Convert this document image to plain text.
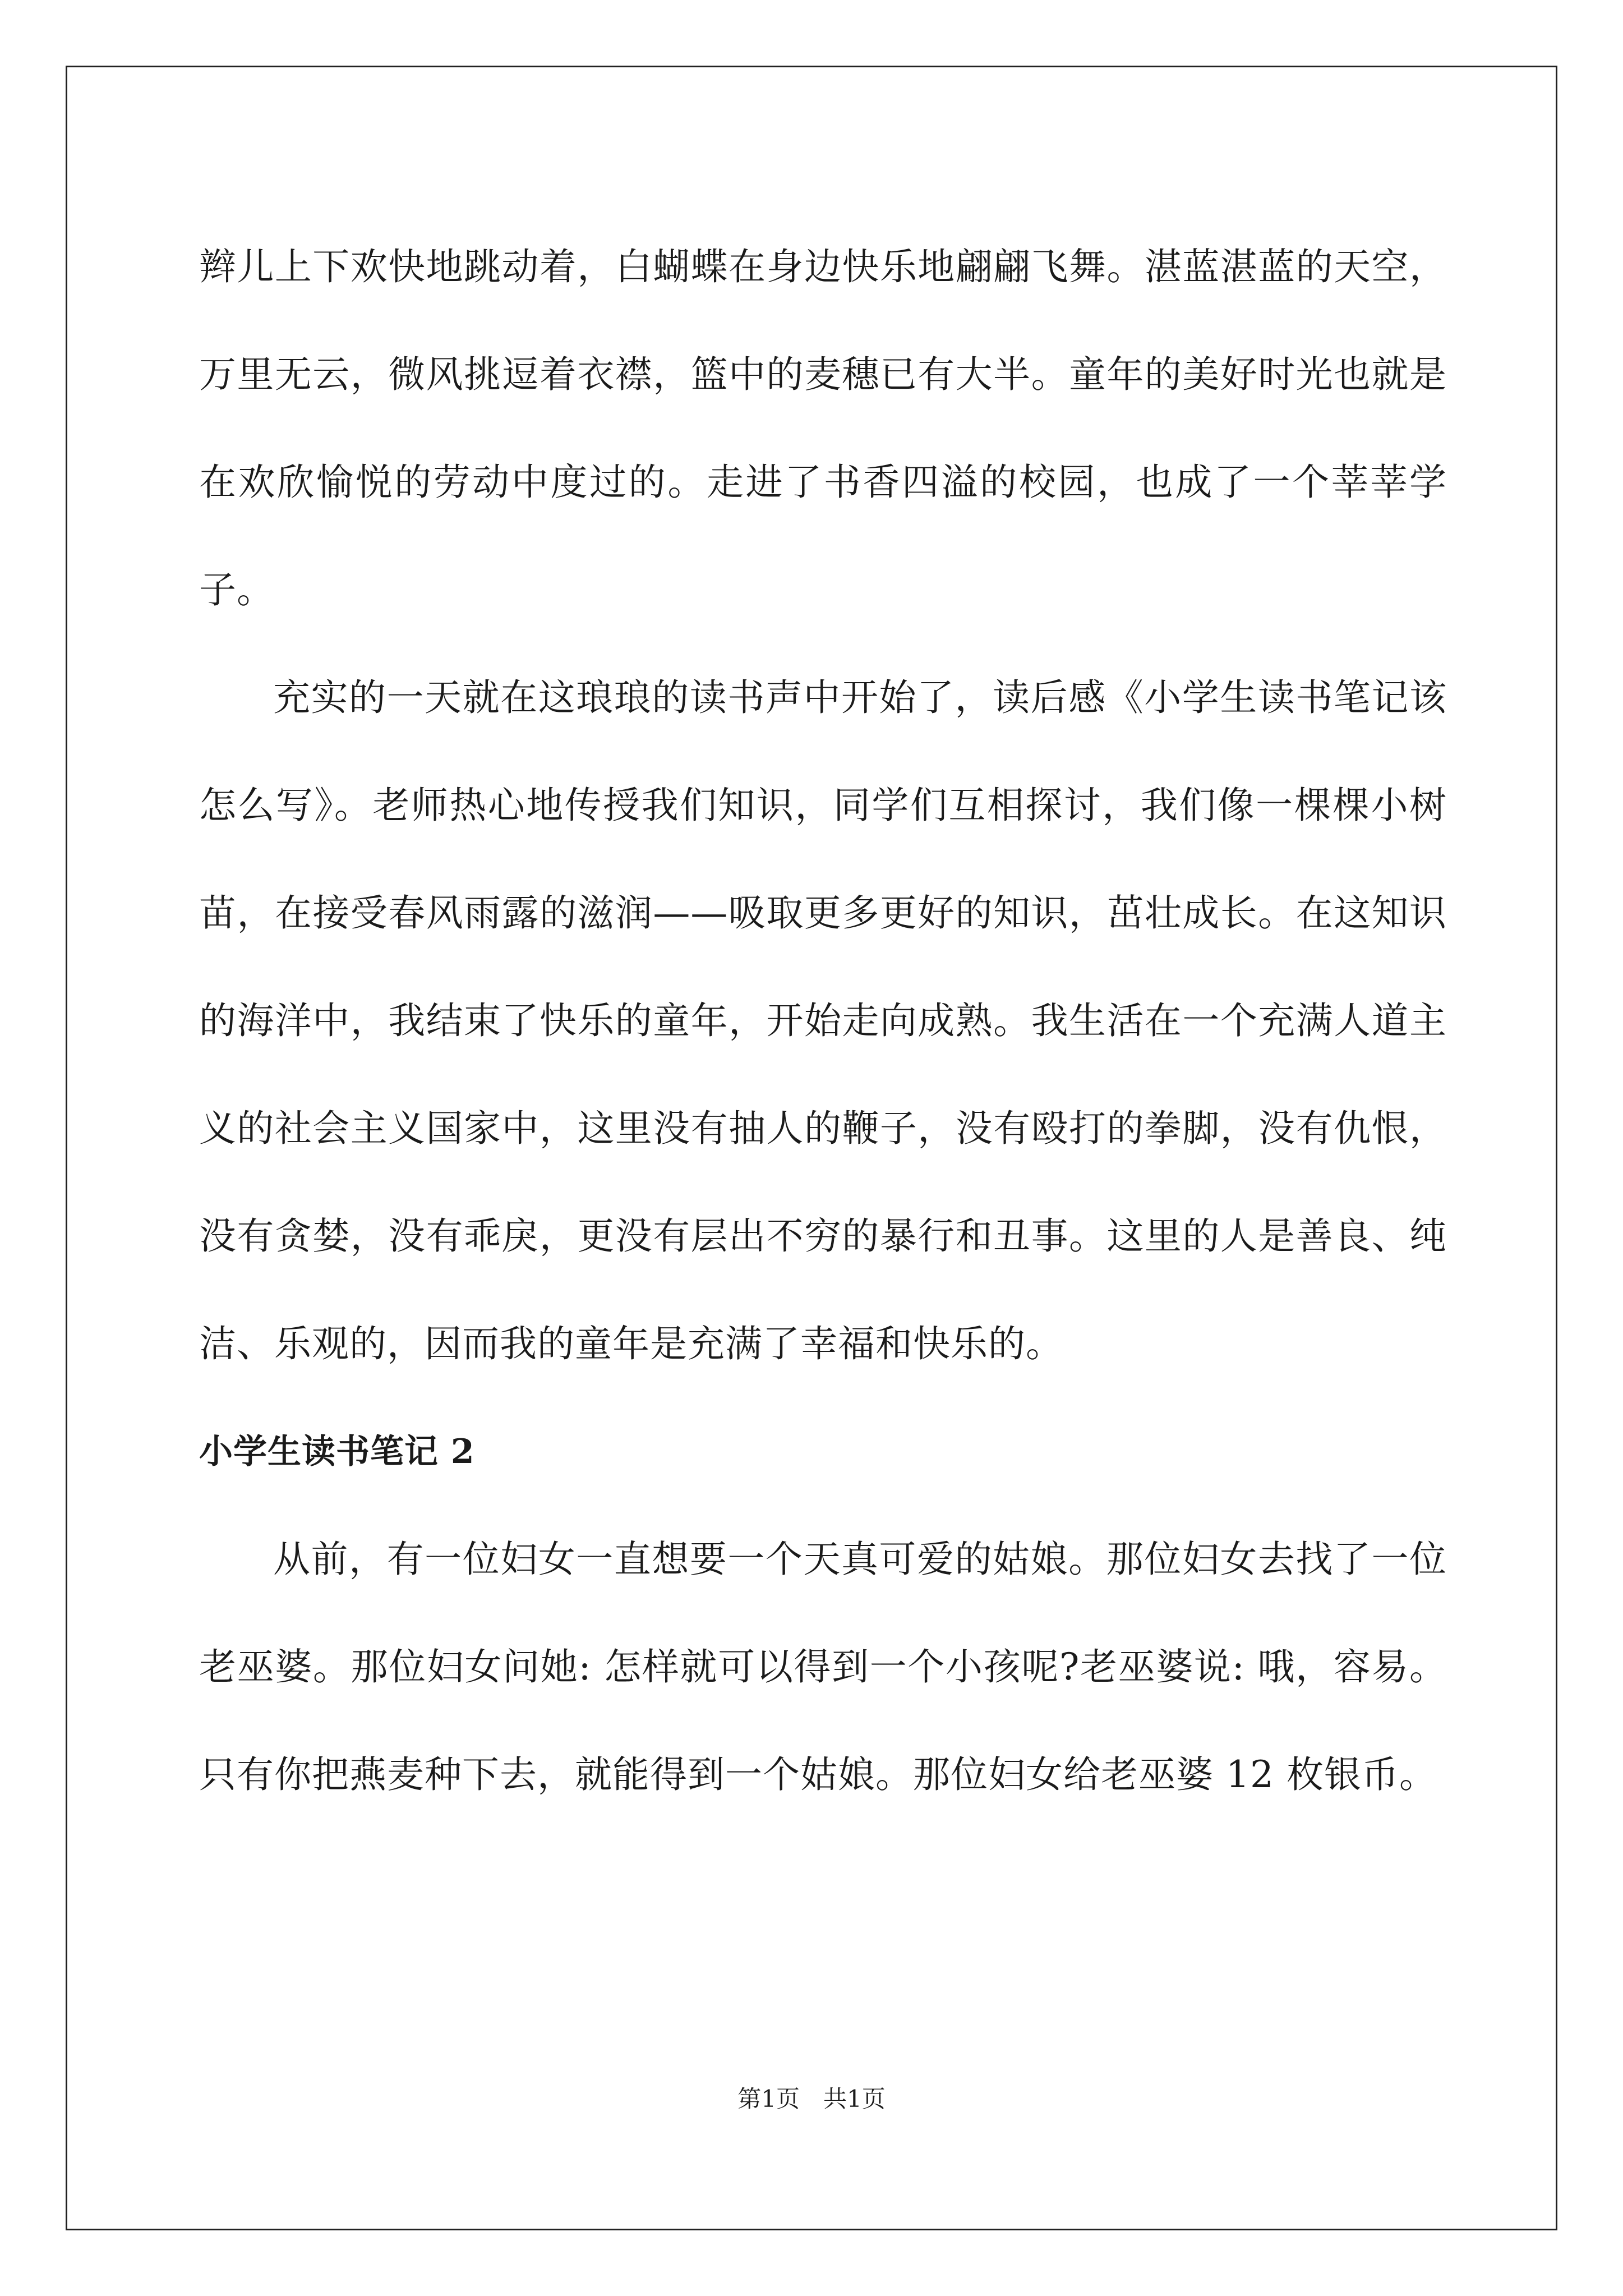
辫儿上下欢快地跳动着，白蝴蝶在身边快乐地翩翩飞舞。湛蓝湛蓝的天空，万里无云，微风挑逗着衣襟，篮中的麦穗已有大半。童年的美好时光也就是在欢欣愉悦的劳动中度过的。走进了书香四溢的校园，也成了一个莘莘学子。

充实的一天就在这琅琅的读书声中开始了，读后感《小学生读书笔记该怎么写》。老师热心地传授我们知识，同学们互相探讨，我们像一棵棵小树苗，在接受春风雨露的滋润——吸取更多更好的知识，茁壮成长。在这知识的海洋中，我结束了快乐的童年，开始走向成熟。我生活在一个充满人道主义的社会主义国家中，这里没有抽人的鞭子，没有殴打的拳脚，没有仇恨，没有贪婪，没有乖戾，更没有层出不穷的暴行和丑事。这里的人是善良、纯洁、乐观的，因而我的童年是充满了幸福和快乐的。

小学生读书笔记 2

从前，有一位妇女一直想要一个天真可爱的姑娘。那位妇女去找了一位老巫婆。那位妇女问她: 怎样就可以得到一个小孩呢?老巫婆说: 哦，容易。只有你把燕麦种下去，就能得到一个姑娘。那位妇女给老巫婆 12 枚银币。

第1页 共1页
